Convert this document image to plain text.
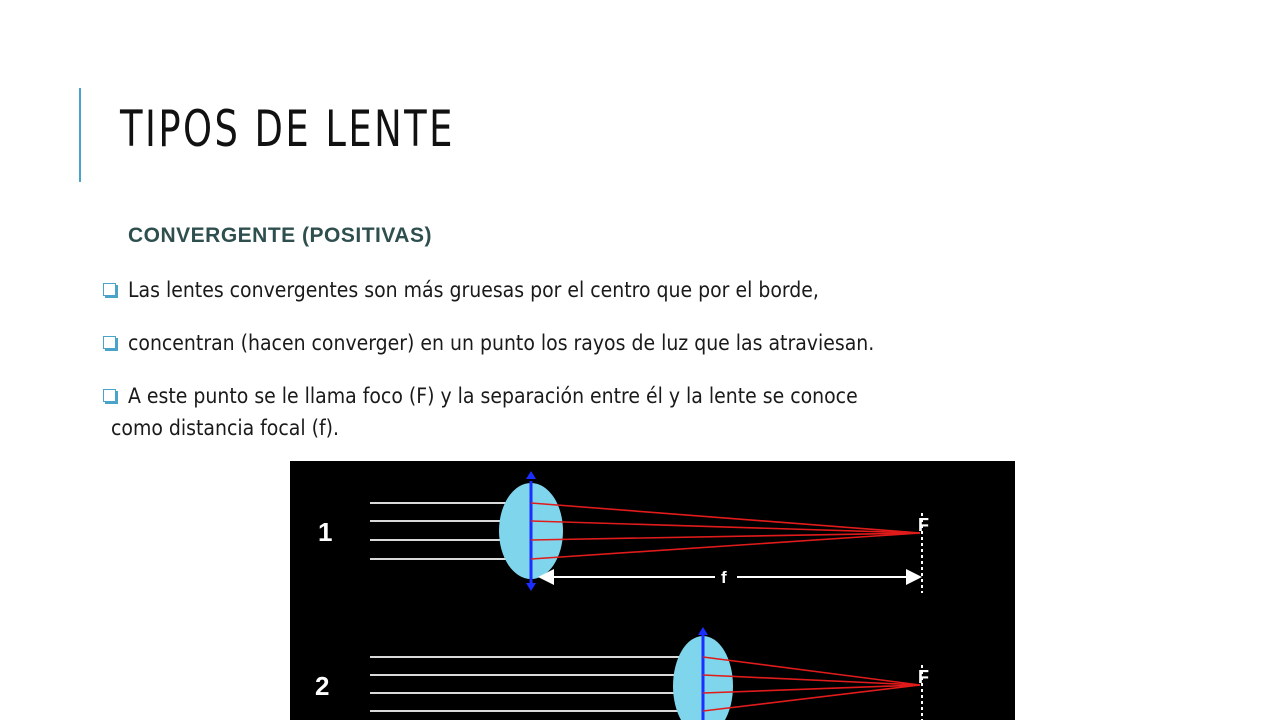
TIPOS DE LENTE
CONVERGENTE (POSITIVAS)
Las lentes convergentes son más gruesas por el centro que por el borde,
concentran (hacen converger) en un punto los rayos de luz que las atraviesan.
A este punto se le llama foco (F) y la separación entre él y la lente se conoce
como distancia focal (f).
1	F
f
2	F
